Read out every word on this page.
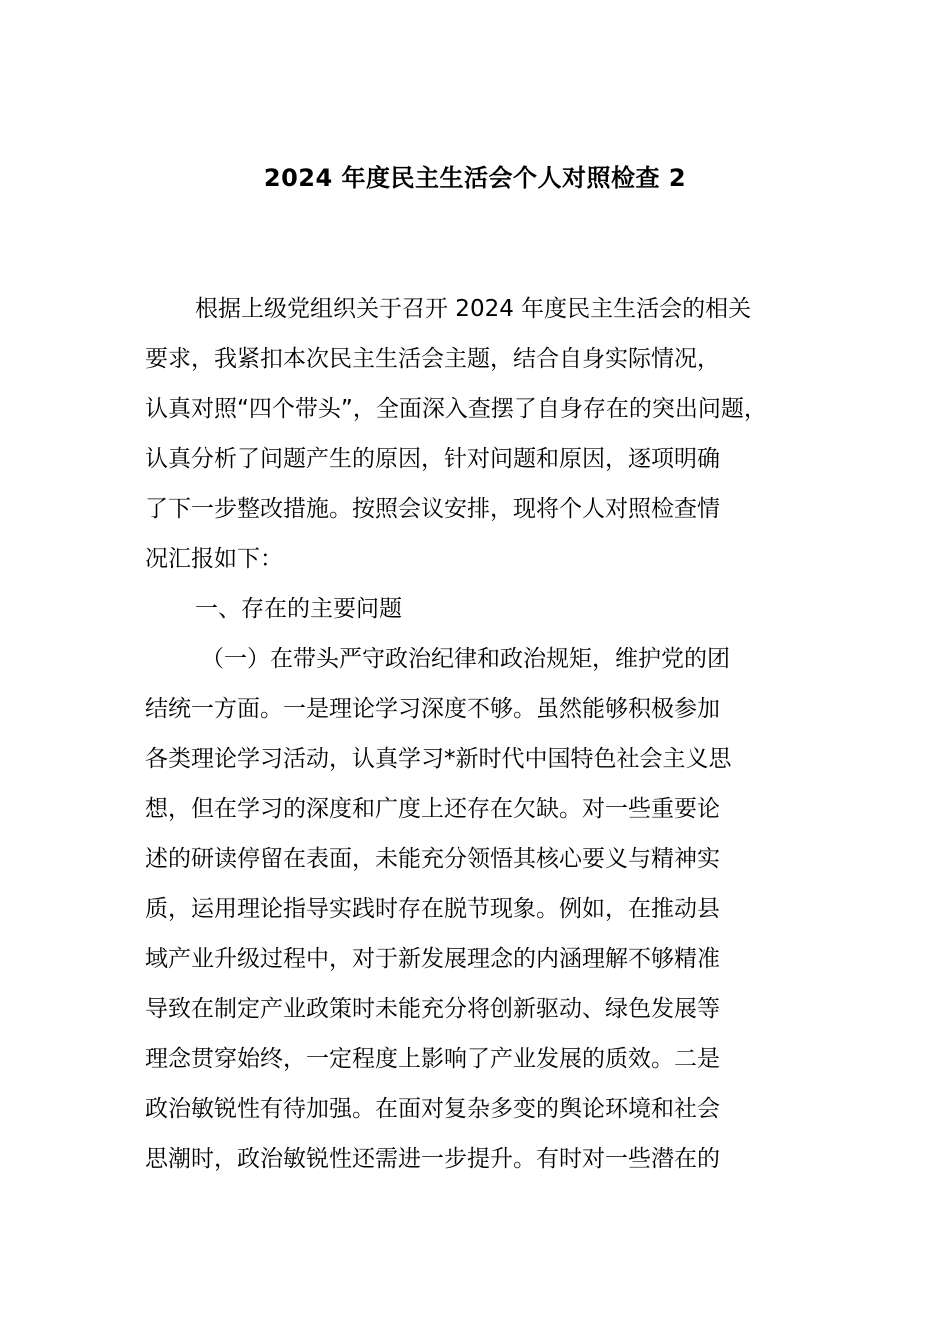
2024 年度民主生活会个人对照检查 2
根据上级党组织关于召开 2024 年度民主生活会的相关
要求，我紧扣本次民主生活会主题，结合自身实际情况，
认真对照“四个带头”，全面深入查摆了自身存在的突出问题，
认真分析了问题产生的原因，针对问题和原因，逐项明确
了下一步整改措施。按照会议安排，现将个人对照检查情
况汇报如下：
一、存在的主要问题
（一）在带头严守政治纪律和政治规矩，维护党的团
结统一方面。一是理论学习深度不够。虽然能够积极参加
各类理论学习活动，认真学习*新时代中国特色社会主义思
想，但在学习的深度和广度上还存在欠缺。对一些重要论
述的研读停留在表面，未能充分领悟其核心要义与精神实
质，运用理论指导实践时存在脱节现象。例如，在推动县
域产业升级过程中，对于新发展理念的内涵理解不够精准
导致在制定产业政策时未能充分将创新驱动、绿色发展等
理念贯穿始终，一定程度上影响了产业发展的质效。二是
政治敏锐性有待加强。在面对复杂多变的舆论环境和社会
思潮时，政治敏锐性还需进一步提升。有时对一些潜在的
